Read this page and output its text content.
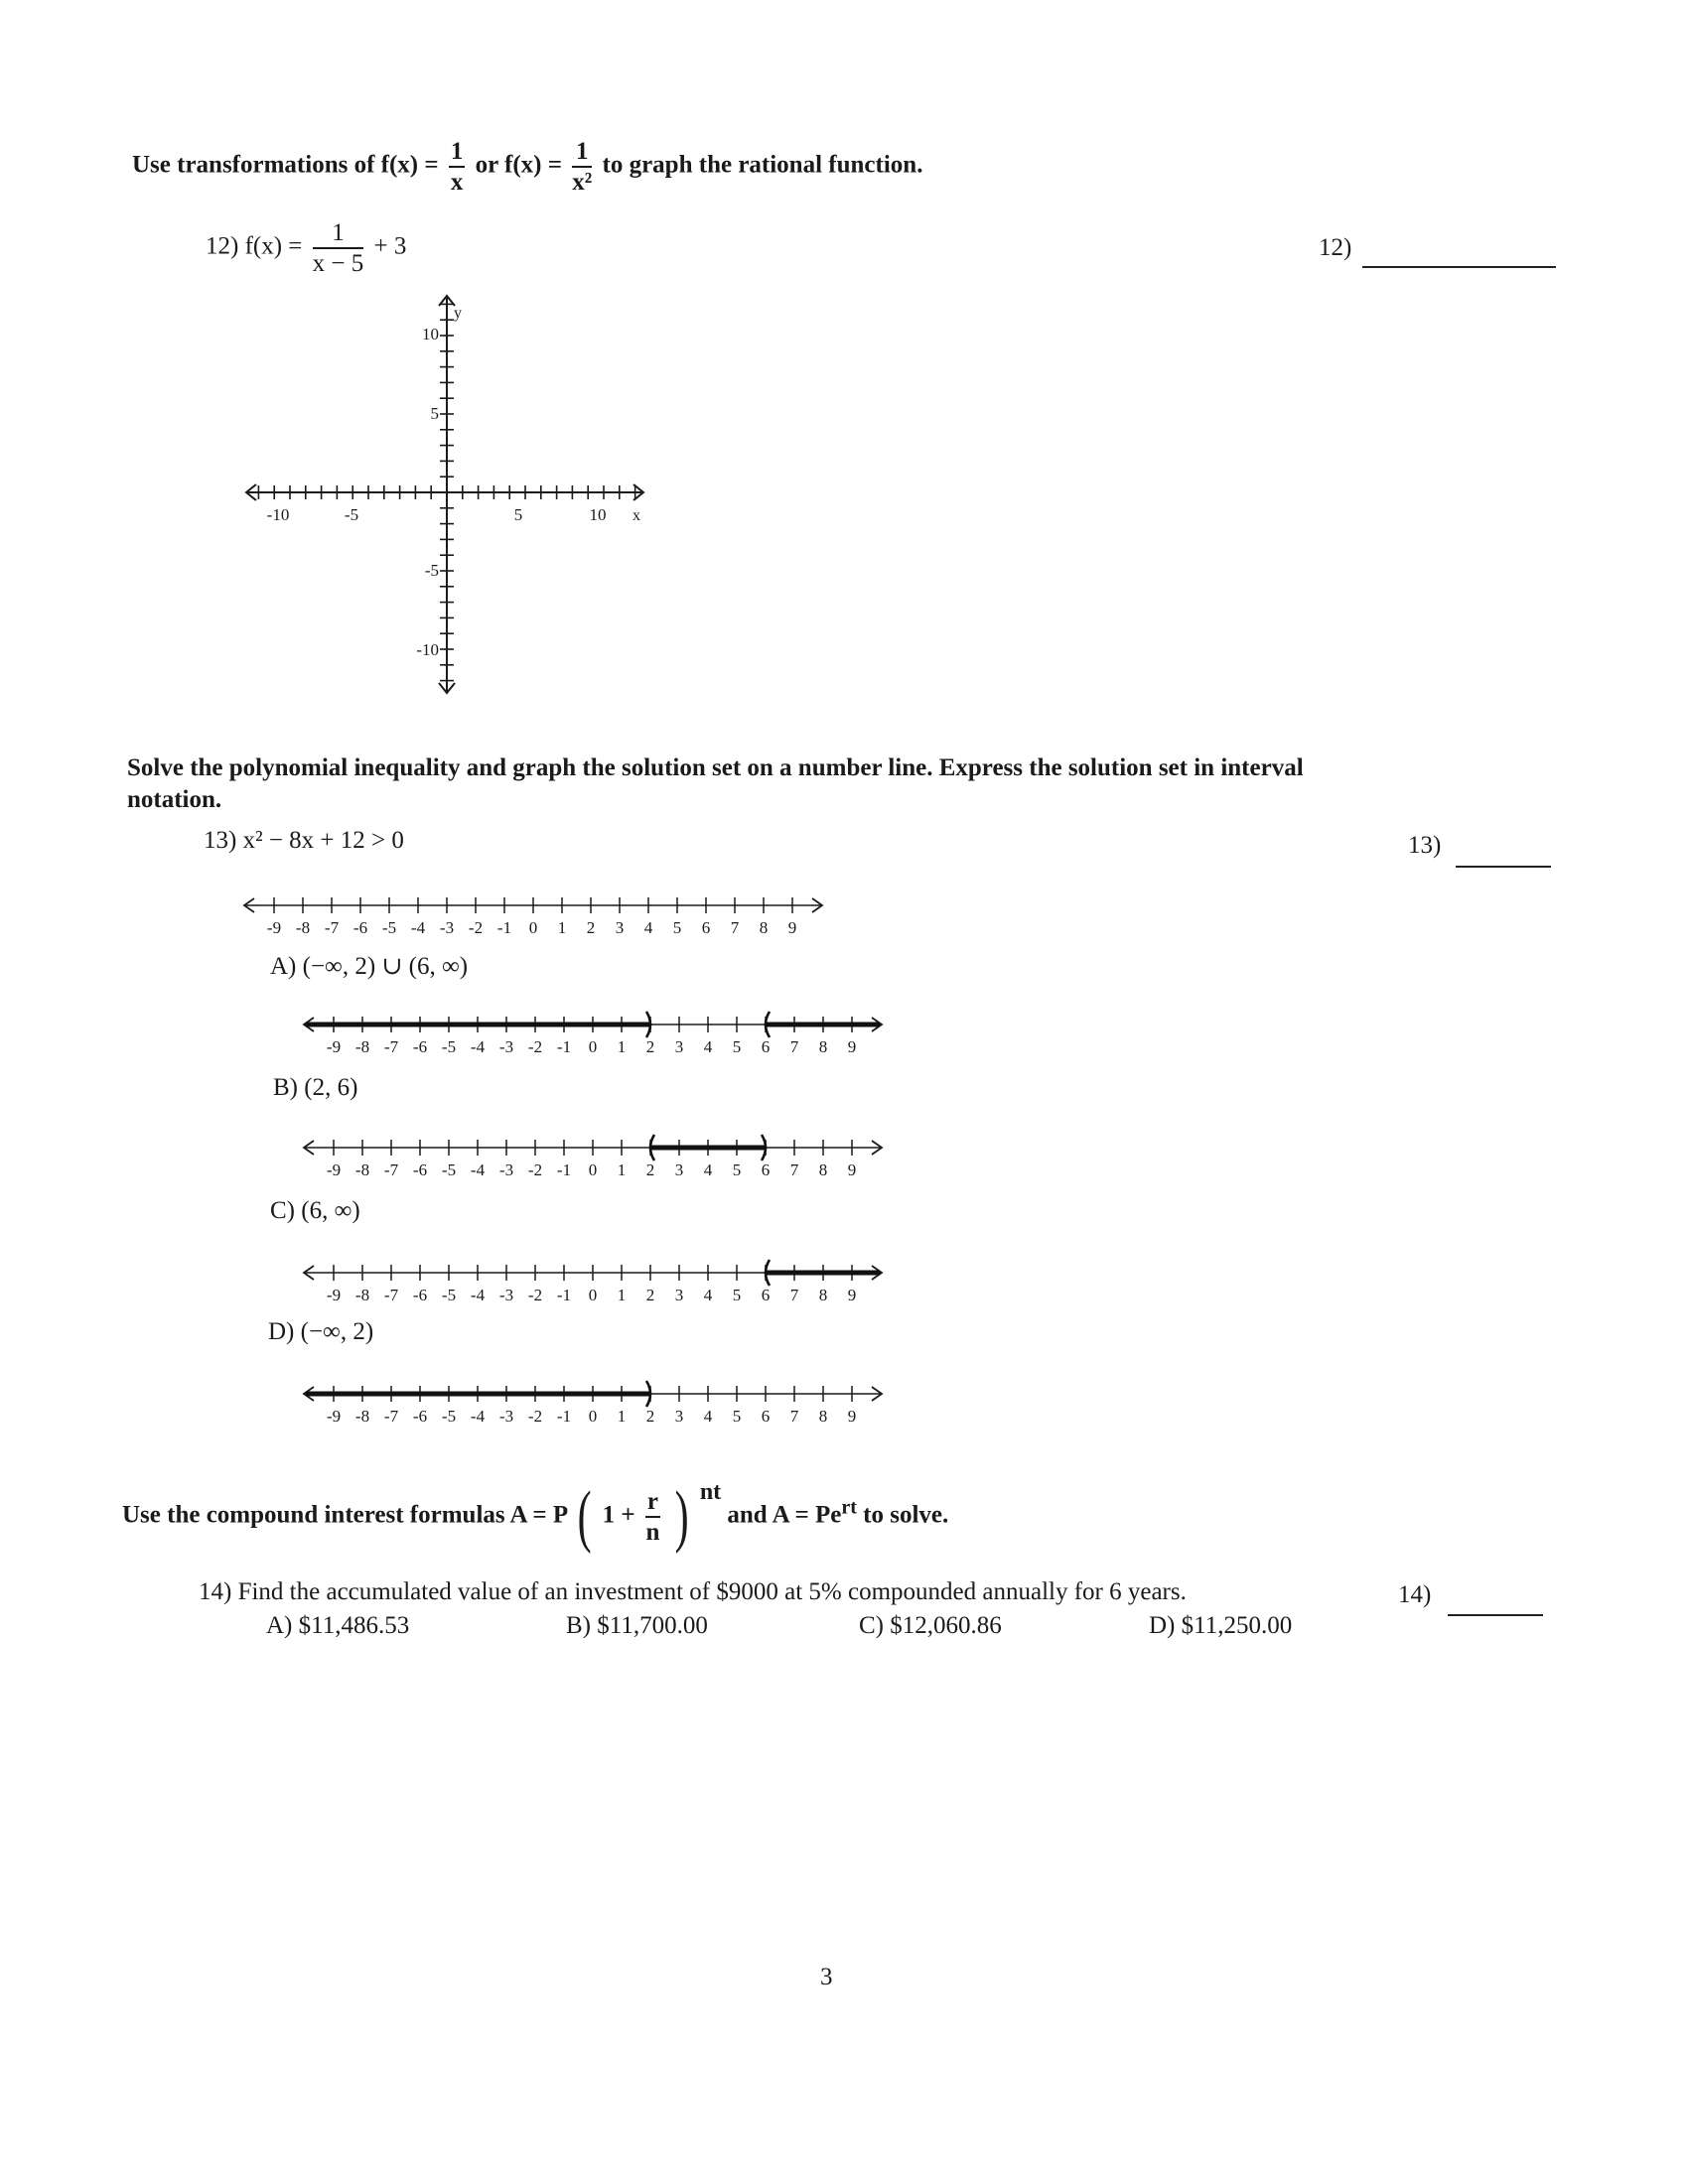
Use transformations of $f(x) = \frac{1}{x}$ or $f(x) = \frac{1}{\text{x²}}$ to graph the rational function.
12) $f(x) = \frac{1}{x - 5} + 3$	12)
y
x
-10	-5	5	10
10
5
-5
-10
Solve the polynomial inequality and graph the solution set on a number line. Express the solution set in interval
notation.
13) x² − 8x + 12 > 0	13)
-9 -8 -7 -6 -5 -4 -3 -2 -1 0 1 2 3 4 5 6 7 8 9
A) (−∞, 2) ∪ (6, ∞)
-9 -8 -7 -6 -5 -4 -3 -2 -1 0 1 2 3 4 5 6 7 8 9
B) (2, 6)
-9 -8 -7 -6 -5 -4 -3 -2 -1 0 1 2 3 4 5 6 7 8 9
C) (6, ∞)
-9 -8 -7 -6 -5 -4 -3 -2 -1 0 1 2 3 4 5 6 7 8 9
D) (−∞, 2)
-9 -8 -7 -6 -5 -4 -3 -2 -1 0 1 2 3 4 5 6 7 8 9
Use the compound interest formulas A = P ( $1 + \frac{r}{n}$ ) $^{nt}$ and $A = Pe^{rt}$ to solve.
14) Find the accumulated value of an investment of $9000 at 5% compounded annually for 6 years.	14)
A) $11,486.53	B) $11,700.00	C) $12,060.86	D) $11,250.00
3
